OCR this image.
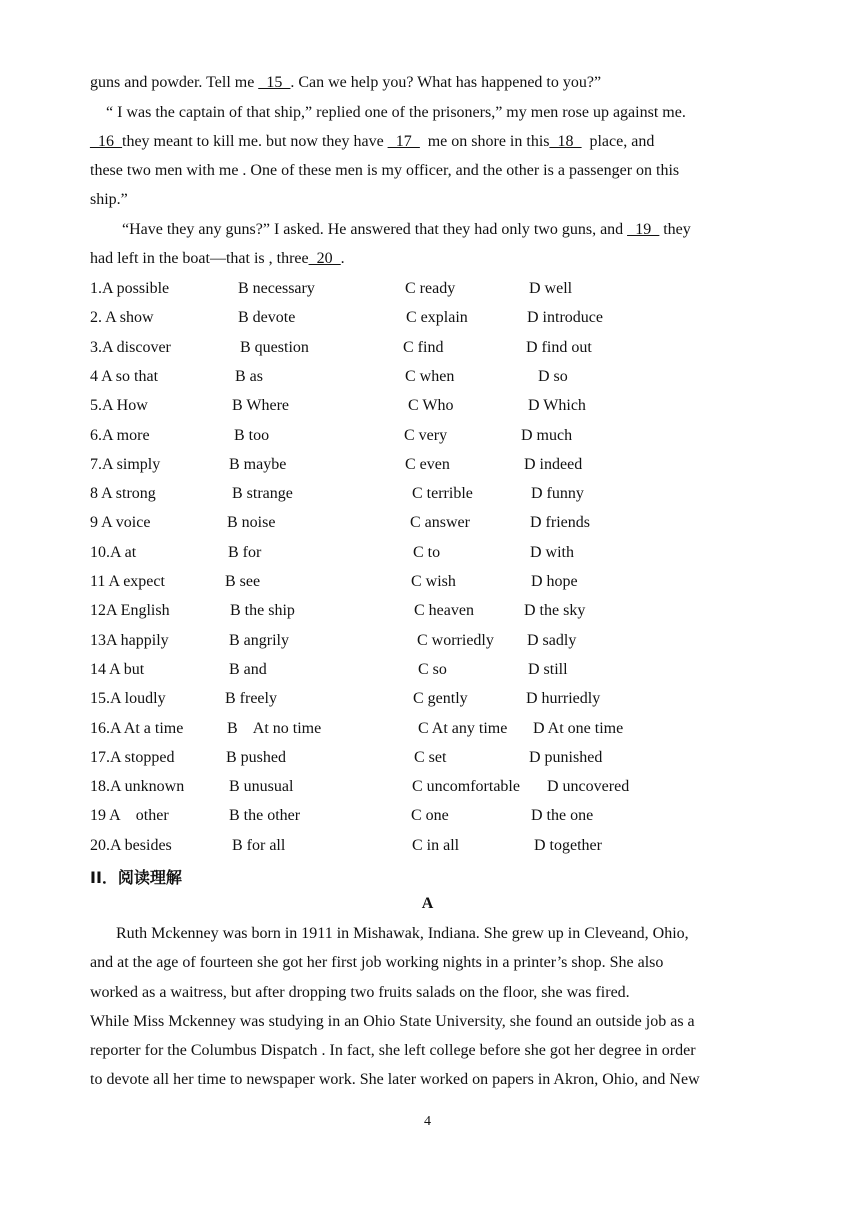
guns and powder. Tell me _15_. Can we help you? What has happened to you?”
“ I was the captain of that ship,” replied one of the prisoners,” my men rose up against me.
_16_they meant to kill me. but now they have _17_  me on shore in this_18_  place, and
these two men with me . One of these men is my officer, and the other is a passenger on this
ship.”
“Have they any guns?” I asked. He answered that they had only two guns, and _19_ they
had left in the boat—that is , three_20_.
1.A possible	B necessary	C ready	D well
2. A show	B devote	C explain	D introduce
3.A discover	B question	C find	D find out
4 A so that	B as	C when	D so
5.A How	B Where	C Who	D Which
6.A more	B too	C very	D much
7.A simply	B maybe	C even	D indeed
8 A strong	B strange	C terrible	D funny
9 A voice	B noise	C answer	D friends
10.A at	B for	C to	D with
11 A expect	B see	C wish	D hope
12A English	B the ship	C heaven	D the sky
13A happily	B angrily	C worriedly D sadly
14 A but	B and	C so	D still
15.A loudly	B freely	C gently	D hurriedly
16.A At a time	B    At no time	C At any time D At one time
17.A stopped	B pushed	C set	D punished
18.A unknown	B unusual	C uncomfortable D uncovered
19 A    other	B the other	C one	D the one
20.A besides	B for all	C in all	D together
II．阅读理解
A
Ruth Mckenney was born in 1911 in Mishawak, Indiana. She grew up in Cleveand, Ohio,
and at the age of fourteen she got her first job working nights in a printer’s shop. She also
worked as a waitress, but after dropping two fruits salads on the floor, she was fired.
While Miss Mckenney was studying in an Ohio State University, she found an outside job as a
reporter for the Columbus Dispatch . In fact, she left college before she got her degree in order
to devote all her time to newspaper work. She later worked on papers in Akron, Ohio, and New
4
